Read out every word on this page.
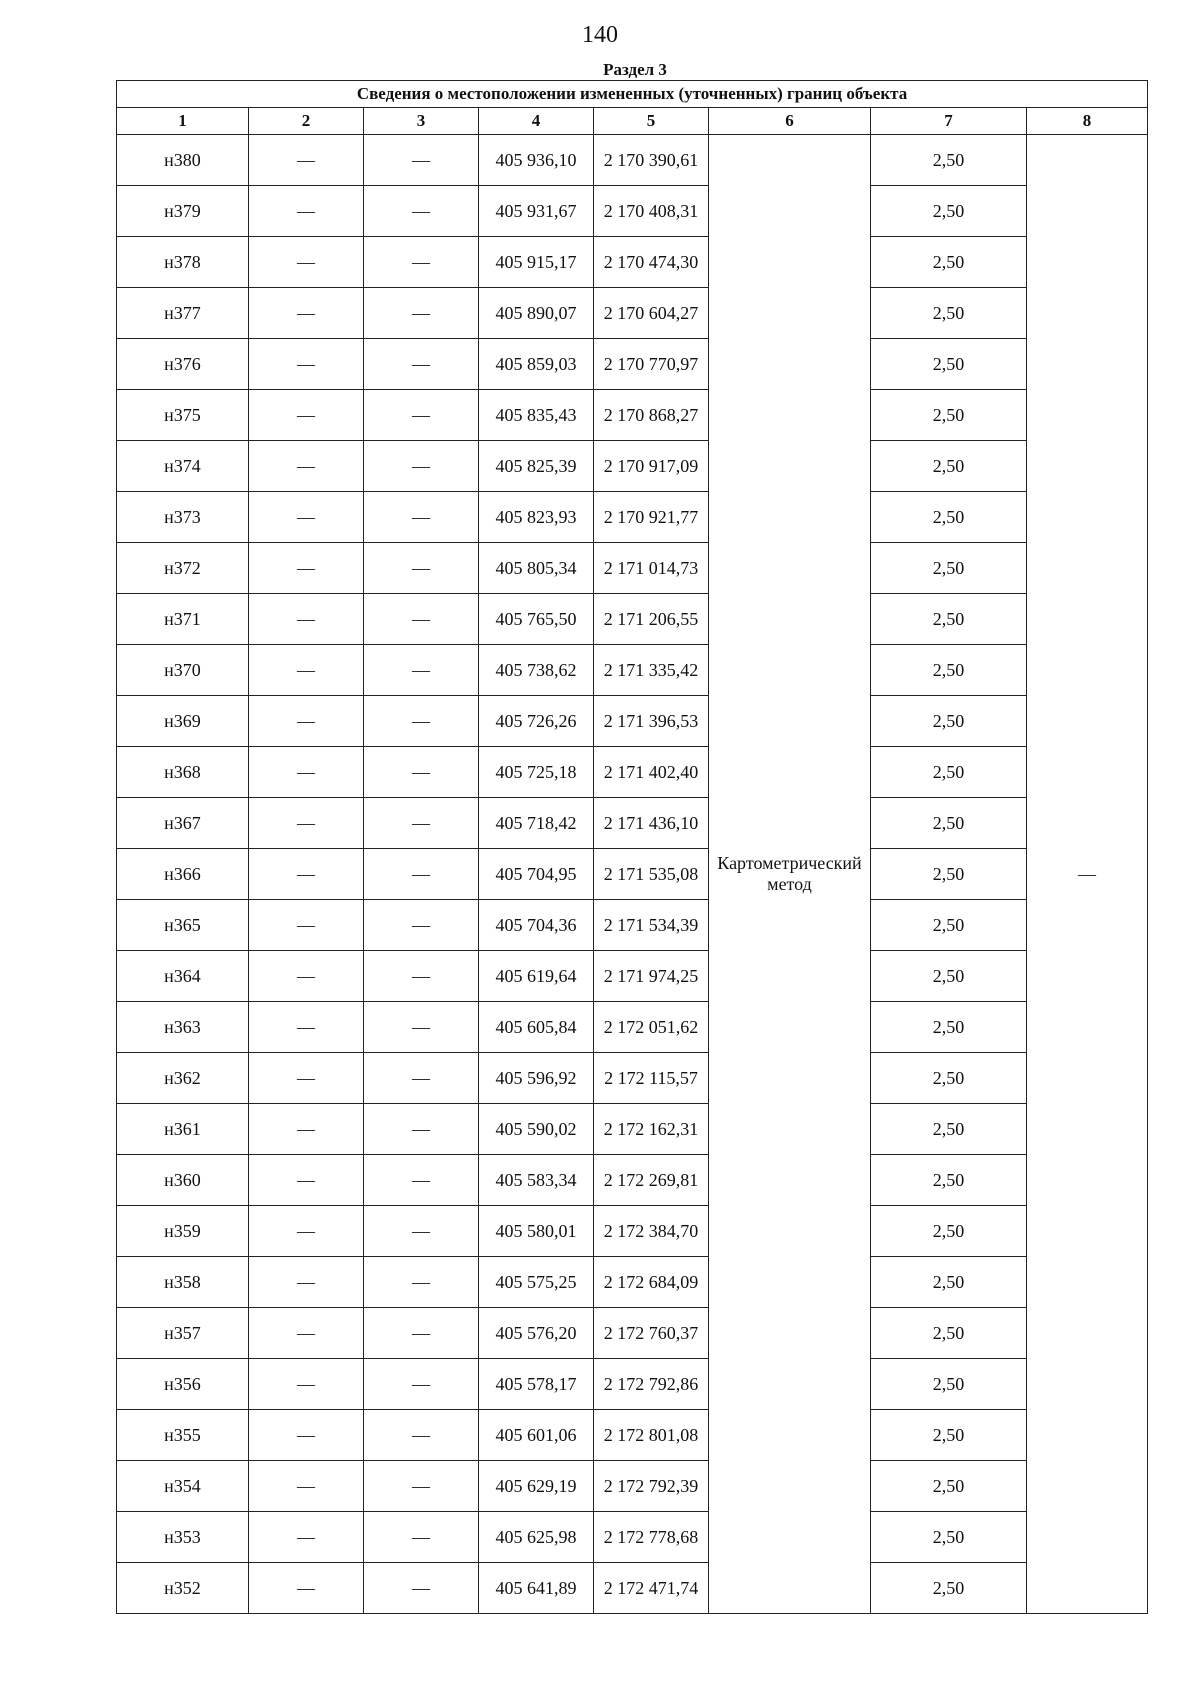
140
Раздел 3
Сведения о местоположении измененных (уточненных) границ объекта							
1	2	3	4	5	6	7	8
н380	—	—	405 936,10	2 170 390,61	Картометрический метод	2,50	—
н379	—	—	405 931,67	2 170 408,31		2,50	
н378	—	—	405 915,17	2 170 474,30		2,50	
н377	—	—	405 890,07	2 170 604,27		2,50	
н376	—	—	405 859,03	2 170 770,97		2,50	
н375	—	—	405 835,43	2 170 868,27		2,50	
н374	—	—	405 825,39	2 170 917,09		2,50	
н373	—	—	405 823,93	2 170 921,77		2,50	
н372	—	—	405 805,34	2 171 014,73		2,50	
н371	—	—	405 765,50	2 171 206,55		2,50	
н370	—	—	405 738,62	2 171 335,42		2,50	
н369	—	—	405 726,26	2 171 396,53		2,50	
н368	—	—	405 725,18	2 171 402,40		2,50	
н367	—	—	405 718,42	2 171 436,10		2,50	
н366	—	—	405 704,95	2 171 535,08		2,50	
н365	—	—	405 704,36	2 171 534,39		2,50	
н364	—	—	405 619,64	2 171 974,25		2,50	
н363	—	—	405 605,84	2 172 051,62		2,50	
н362	—	—	405 596,92	2 172 115,57		2,50	
н361	—	—	405 590,02	2 172 162,31		2,50	
н360	—	—	405 583,34	2 172 269,81		2,50	
н359	—	—	405 580,01	2 172 384,70		2,50	
н358	—	—	405 575,25	2 172 684,09		2,50	
н357	—	—	405 576,20	2 172 760,37		2,50	
н356	—	—	405 578,17	2 172 792,86		2,50	
н355	—	—	405 601,06	2 172 801,08		2,50	
н354	—	—	405 629,19	2 172 792,39		2,50	
н353	—	—	405 625,98	2 172 778,68		2,50	
н352	—	—	405 641,89	2 172 471,74		2,50	
